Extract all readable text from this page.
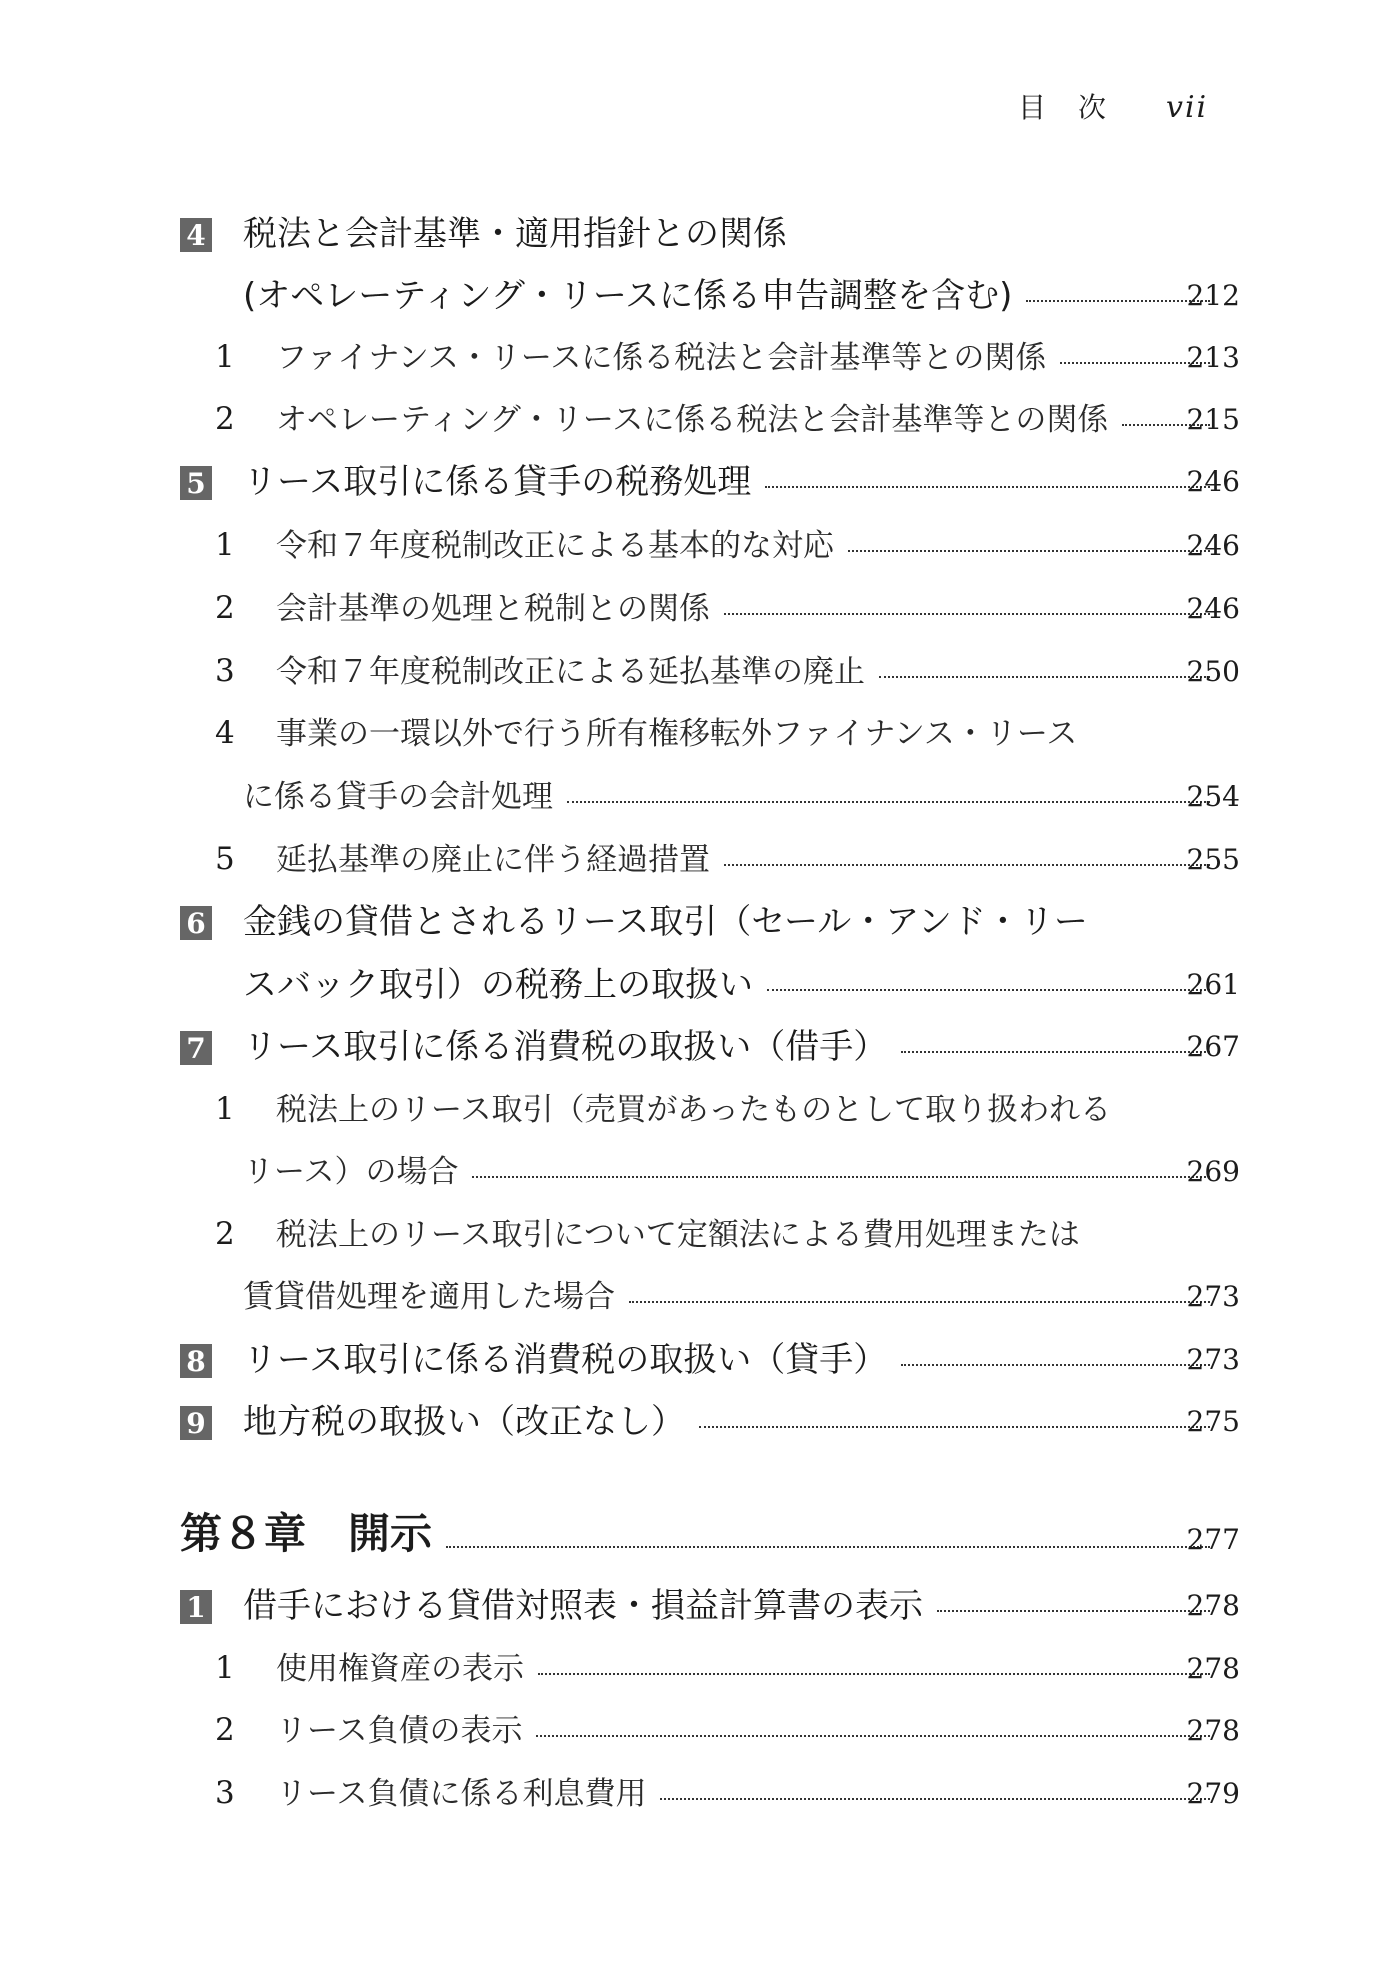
目　次 vii
4 税法と会計基準・適用指針との関係
(オペレーティング・リースに係る申告調整を含む)	212
1	ファイナンス・リースに係る税法と会計基準等との関係	213
2	オペレーティング・リースに係る税法と会計基準等との関係	215
5 リース取引に係る貸手の税務処理	246
1	令和７年度税制改正による基本的な対応	246
2	会計基準の処理と税制との関係	246
3	令和７年度税制改正による延払基準の廃止	250
4	事業の一環以外で行う所有権移転外ファイナンス・リース
に係る貸手の会計処理	254
5	延払基準の廃止に伴う経過措置	255
6 金銭の貸借とされるリース取引（セール・アンド・リー
スバック取引）の税務上の取扱い	261
7 リース取引に係る消費税の取扱い（借手）	267
1	税法上のリース取引（売買があったものとして取り扱われる
リース）の場合	269
2	税法上のリース取引について定額法による費用処理または
賃貸借処理を適用した場合	273
8 リース取引に係る消費税の取扱い（貸手）	273
9 地方税の取扱い（改正なし）	275
第８章　開示	277
1 借手における貸借対照表・損益計算書の表示	278
1	使用権資産の表示	278
2	リース負債の表示	278
3	リース負債に係る利息費用	279
